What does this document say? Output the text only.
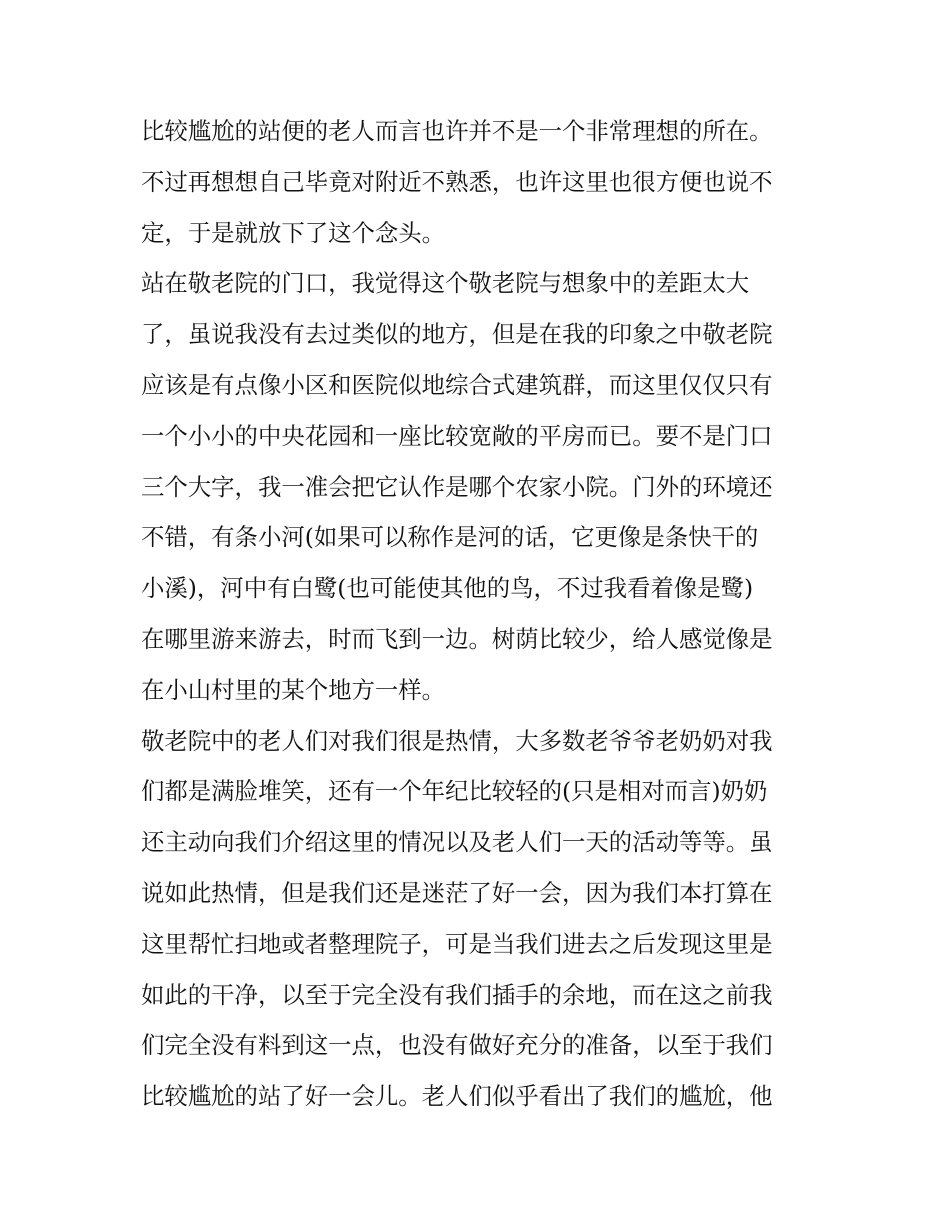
比较尴尬的站便的老人而言也许并不是一个非常理想的所在。
不过再想想自己毕竟对附近不熟悉，也许这里也很方便也说不
定，于是就放下了这个念头。
站在敬老院的门口，我觉得这个敬老院与想象中的差距太大
了，虽说我没有去过类似的地方，但是在我的印象之中敬老院
应该是有点像小区和医院似地综合式建筑群，而这里仅仅只有
一个小小的中央花园和一座比较宽敞的平房而已。要不是门口
三个大字，我一准会把它认作是哪个农家小院。门外的环境还
不错，有条小河(如果可以称作是河的话，它更像是条快干的
小溪)，河中有白鹭(也可能使其他的鸟，不过我看着像是鹭)
在哪里游来游去，时而飞到一边。树荫比较少，给人感觉像是
在小山村里的某个地方一样。
敬老院中的老人们对我们很是热情，大多数老爷爷老奶奶对我
们都是满脸堆笑，还有一个年纪比较轻的(只是相对而言)奶奶
还主动向我们介绍这里的情况以及老人们一天的活动等等。虽
说如此热情，但是我们还是迷茫了好一会，因为我们本打算在
这里帮忙扫地或者整理院子，可是当我们进去之后发现这里是
如此的干净，以至于完全没有我们插手的余地，而在这之前我
们完全没有料到这一点，也没有做好充分的准备，以至于我们
比较尴尬的站了好一会儿。老人们似乎看出了我们的尴尬，他
